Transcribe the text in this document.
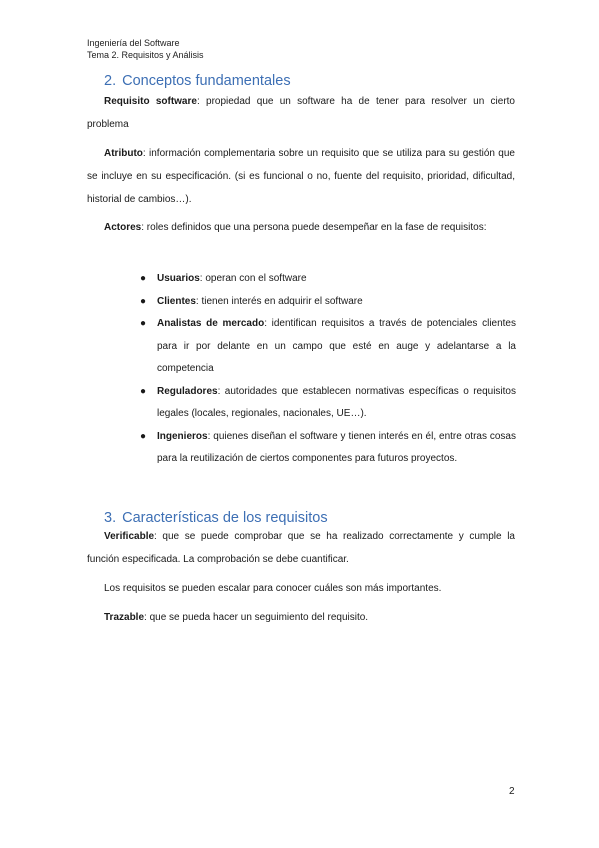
Ingeniería del Software
Tema 2. Requisitos y Análisis
2. Conceptos fundamentales
Requisito software: propiedad que un software ha de tener para resolver un cierto problema
Atributo: información complementaria sobre un requisito que se utiliza para su gestión que se incluye en su especificación. (si es funcional o no, fuente del requisito, prioridad, dificultad, historial de cambios…).
Actores: roles definidos que una persona puede desempeñar en la fase de requisitos:
● Usuarios: operan con el software
● Clientes: tienen interés en adquirir el software
● Analistas de mercado: identifican requisitos a través de potenciales clientes para ir por delante en un campo que esté en auge y adelantarse a la competencia
● Reguladores: autoridades que establecen normativas específicas o requisitos legales (locales, regionales, nacionales, UE…).
● Ingenieros: quienes diseñan el software y tienen interés en él, entre otras cosas para la reutilización de ciertos componentes para futuros proyectos.
3. Características de los requisitos
Verificable: que se puede comprobar que se ha realizado correctamente y cumple la función especificada. La comprobación se debe cuantificar.
Los requisitos se pueden escalar para conocer cuáles son más importantes.
Trazable: que se pueda hacer un seguimiento del requisito.
2
